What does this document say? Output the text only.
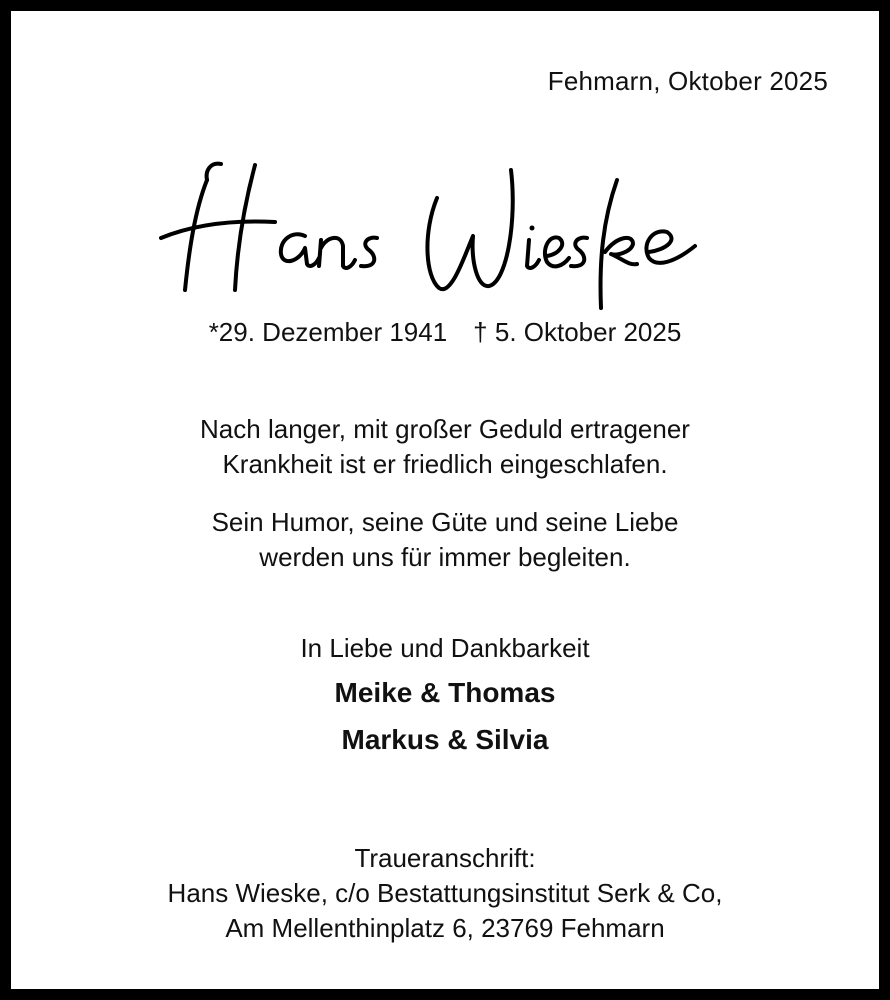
Fehmarn, Oktober 2025
*29. Dezember 1941 † 5. Oktober 2025
Nach langer, mit großer Geduld ertragener
Krankheit ist er friedlich eingeschlafen.
Sein Humor, seine Güte und seine Liebe
werden uns für immer begleiten.
In Liebe und Dankbarkeit
Meike & Thomas
Markus & Silvia
Traueranschrift:
Hans Wieske, c/o Bestattungsinstitut Serk & Co,
Am Mellenthinplatz 6, 23769 Fehmarn
